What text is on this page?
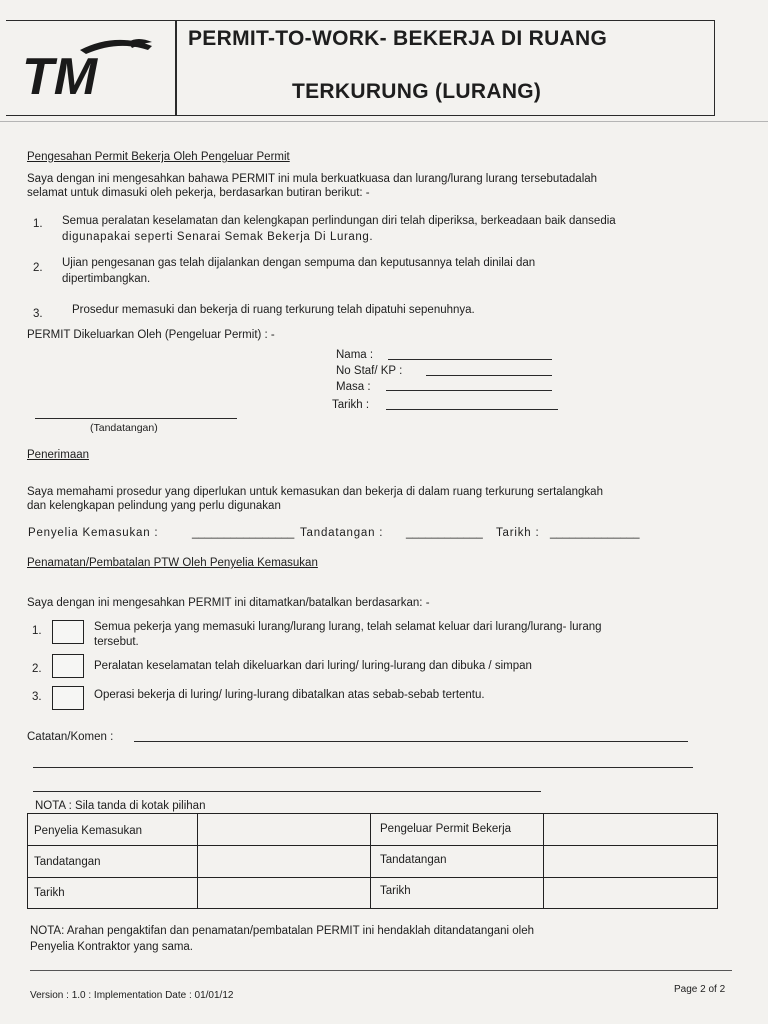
TM
PERMIT-TO-WORK- BEKERJA DI RUANG
TERKURUNG (LURANG)
Pengesahan Permit Bekerja Oleh Pengeluar Permit
Saya dengan ini mengesahkan bahawa PERMIT ini mula berkuatkuasa dan lurang/lurang lurang tersebutadalah
selamat untuk dimasuki oleh pekerja, berdasarkan butiran berikut: -
1. Semua peralatan keselamatan dan kelengkapan perlindungan diri telah diperiksa, berkeadaan baik dansedia
digunapakai seperti Senarai Semak Bekerja Di Lurang.
2. Ujian pengesanan gas telah dijalankan dengan sempuma dan keputusannya telah dinilai dan
dipertimbangkan.
3.	Prosedur memasuki dan bekerja di ruang terkurung telah dipatuhi sepenuhnya.
PERMIT Dikeluarkan Oleh (Pengeluar Permit) : -
Nama :
No Staf/ KP :
Masa :
Tarikh :
(Tandatangan)
Penerimaan
Saya memahami prosedur yang diperlukan untuk kemasukan dan bekerja di dalam ruang terkurung sertalangkah
dan kelengkapan pelindung yang perlu digunakan
Penyelia Kemasukan :	________________ Tandatangan : ____________ Tarikh : ______________
Penamatan/Pembatalan PTW Oleh Penyelia Kemasukan
Saya dengan ini mengesahkan PERMIT ini ditamatkan/batalkan berdasarkan: -
1.	Semua pekerja yang memasuki lurang/lurang lurang, telah selamat keluar dari lurang/lurang- lurang
tersebut.
2.	Peralatan keselamatan telah dikeluarkan dari luring/ luring-lurang dan dibuka / simpan
3.	Operasi bekerja di luring/ luring-lurang dibatalkan atas sebab-sebab tertentu.
Catatan/Komen :
NOTA : Sila tanda di kotak pilihan
Penyelia Kemasukan	Pengeluar Permit Bekerja
Tandatangan	Tandatangan
Tarikh	Tarikh
NOTA: Arahan pengaktifan dan penamatan/pembatalan PERMIT ini hendaklah ditandatangani oleh
Penyelia Kontraktor yang sama.
Version : 1.0 : Implementation Date : 01/01/12
Page 2 of 2
